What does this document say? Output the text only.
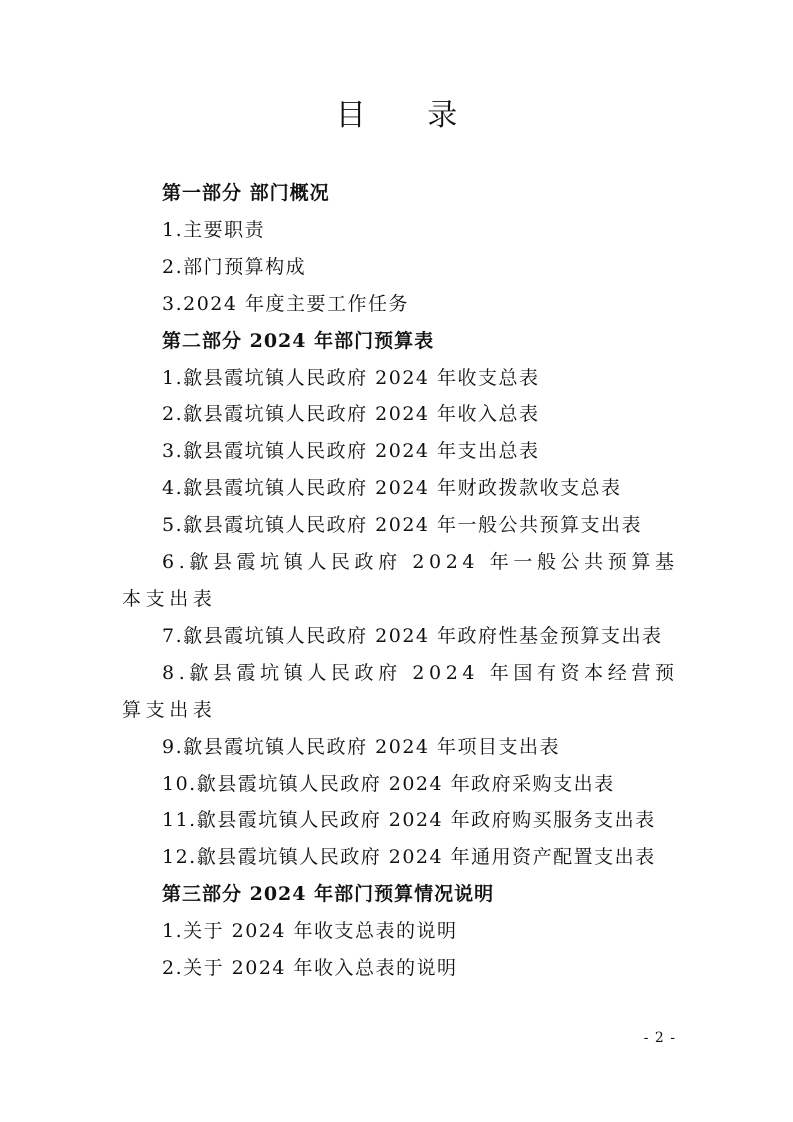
目 录
第一部分 部门概况
1.主要职责
2.部门预算构成
3.2024 年度主要工作任务
第二部分 2024 年部门预算表
1.歙县霞坑镇人民政府 2024 年收支总表
2.歙县霞坑镇人民政府 2024 年收入总表
3.歙县霞坑镇人民政府 2024 年支出总表
4.歙县霞坑镇人民政府 2024 年财政拨款收支总表
5.歙县霞坑镇人民政府 2024 年一般公共预算支出表
6.歙县霞坑镇人民政府 2024 年一般公共预算基本支出表
7.歙县霞坑镇人民政府 2024 年政府性基金预算支出表
8.歙县霞坑镇人民政府 2024 年国有资本经营预算支出表
9.歙县霞坑镇人民政府 2024 年项目支出表
10.歙县霞坑镇人民政府 2024 年政府采购支出表
11.歙县霞坑镇人民政府 2024 年政府购买服务支出表
12.歙县霞坑镇人民政府 2024 年通用资产配置支出表
第三部分 2024 年部门预算情况说明
1.关于 2024 年收支总表的说明
2.关于 2024 年收入总表的说明
- 2 -
